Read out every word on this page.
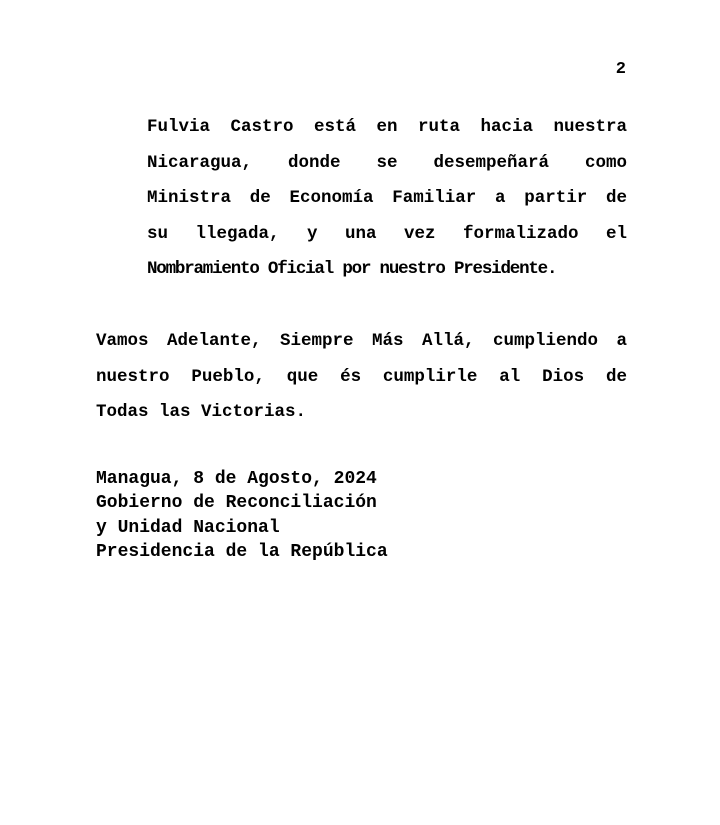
2
Fulvia Castro está en ruta hacia nuestra
Nicaragua, donde se desempeñará como
Ministra de Economía Familiar a partir de
su llegada, y una vez formalizado el
Nombramiento Oficial por nuestro Presidente.
Vamos Adelante, Siempre Más Allá, cumpliendo a
nuestro Pueblo, que és cumplirle al Dios de
Todas las Victorias.
Managua, 8 de Agosto, 2024
Gobierno de Reconciliación
y Unidad Nacional
Presidencia de la República
